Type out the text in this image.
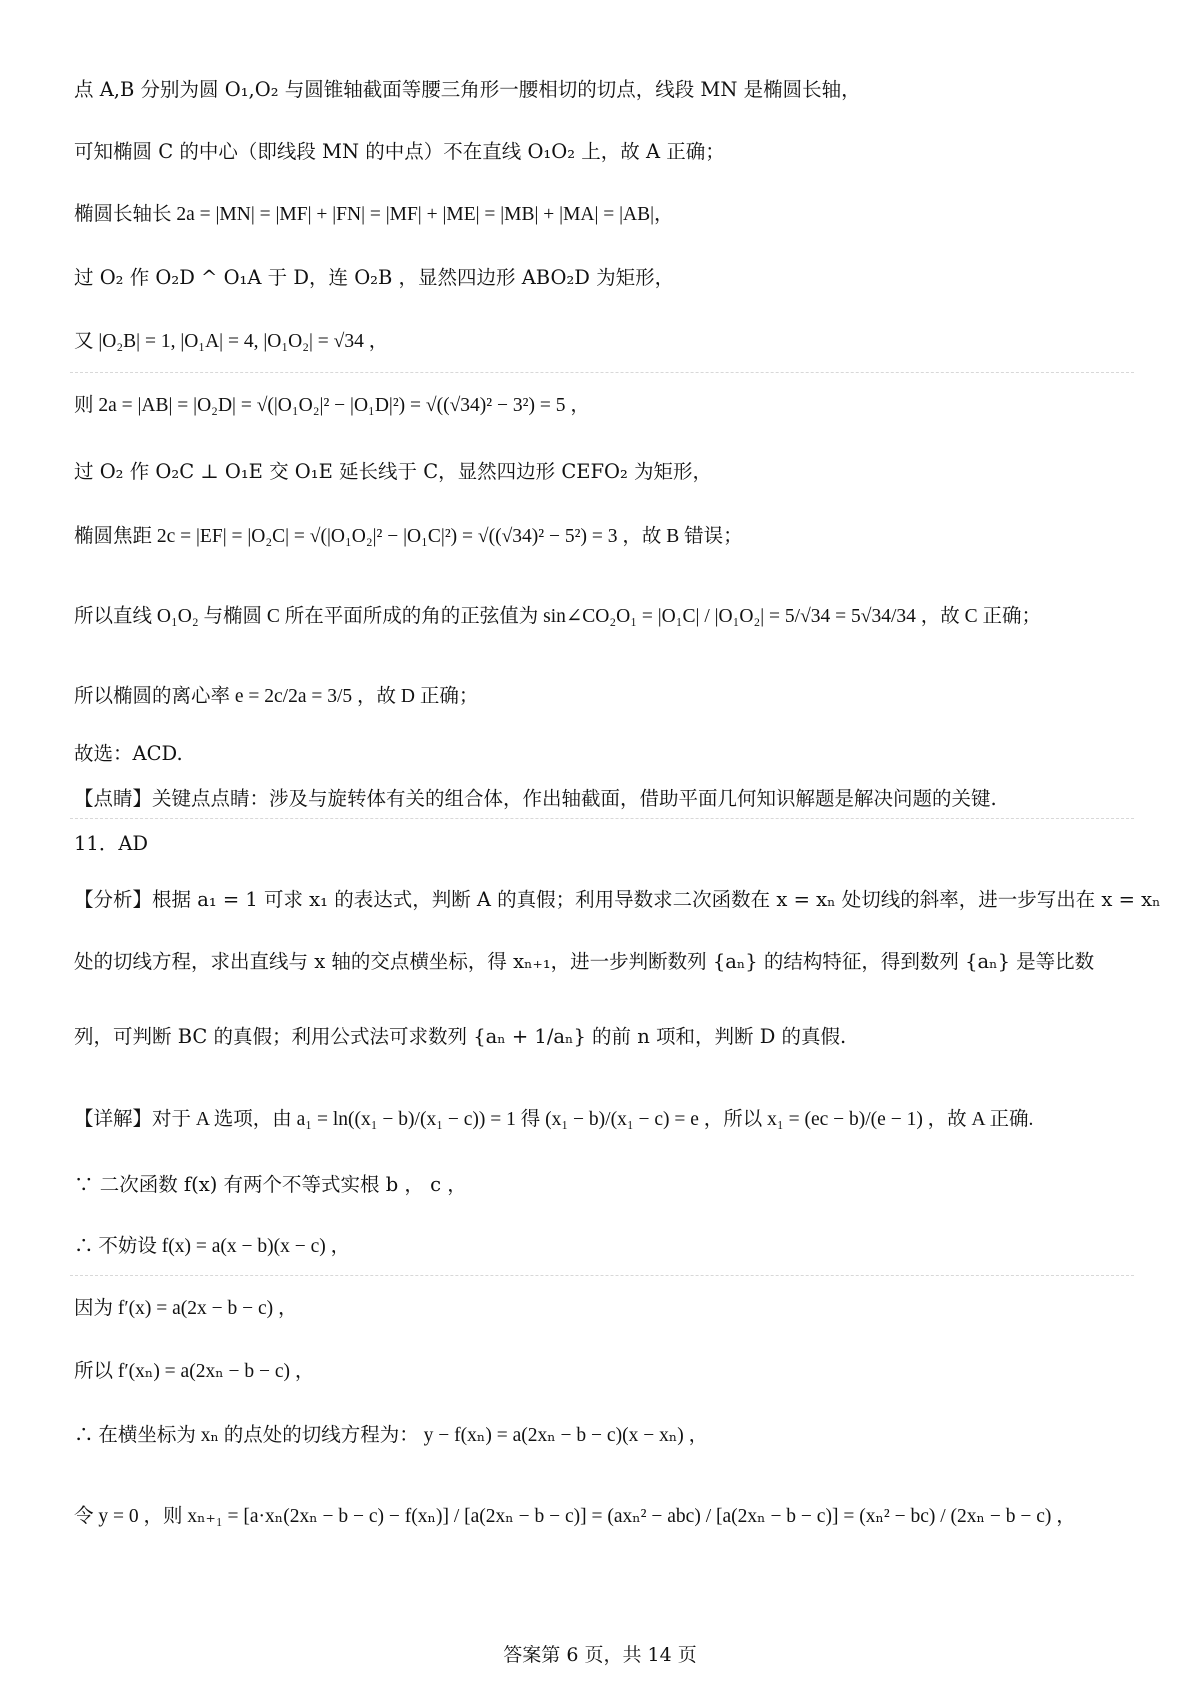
点 A,B 分别为圆 O₁,O₂ 与圆锥轴截面等腰三角形一腰相切的切点，线段 MN 是椭圆长轴，
可知椭圆 C 的中心（即线段 MN 的中点）不在直线 O₁O₂ 上，故 A 正确；
椭圆长轴长 2a = |MN| = |MF| + |FN| = |MF| + |ME| = |MB| + |MA| = |AB|，
过 O₂ 作 O₂D ^ O₁A 于 D，连 O₂B ，显然四边形 ABO₂D 为矩形，
又 |O₂B| = 1, |O₁A| = 4, |O₁O₂| = √34 ，
则 2a = |AB| = |O₂D| = √(|O₁O₂|² − |O₁D|²) = √((√34)² − 3²) = 5 ，
过 O₂ 作 O₂C ⊥ O₁E 交 O₁E 延长线于 C，显然四边形 CEFO₂ 为矩形，
椭圆焦距 2c = |EF| = |O₂C| = √(|O₁O₂|² − |O₁C|²) = √((√34)² − 5²) = 3 ，故 B 错误；
所以直线 O₁O₂ 与椭圆 C 所在平面所成的角的正弦值为 sin∠CO₂O₁ = |O₁C| / |O₁O₂| = 5/√34 = 5√34/34 ，故 C 正确；
所以椭圆的离心率 e = 2c/2a = 3/5 ，故 D 正确；
故选：ACD.
【点睛】关键点点睛：涉及与旋转体有关的组合体，作出轴截面，借助平面几何知识解题是解决问题的关键.
11．AD
【分析】根据 a₁ = 1 可求 x₁ 的表达式，判断 A 的真假；利用导数求二次函数在 x = xₙ 处切线的斜率，进一步写出在 x = xₙ
处的切线方程，求出直线与 x 轴的交点横坐标，得 xₙ₊₁，进一步判断数列 {aₙ} 的结构特征，得到数列 {aₙ} 是等比数
列，可判断 BC 的真假；利用公式法可求数列 {aₙ + 1/aₙ} 的前 n 项和，判断 D 的真假.
【详解】对于 A 选项，由 a₁ = ln((x₁ − b)/(x₁ − c)) = 1 得 (x₁ − b)/(x₁ − c) = e ，所以 x₁ = (ec − b)/(e − 1) ，故 A 正确.
∵ 二次函数 f(x) 有两个不等式实根 b ， c ，
∴ 不妨设 f(x) = a(x − b)(x − c) ，
因为 f′(x) = a(2x − b − c) ，
所以 f′(xₙ) = a(2xₙ − b − c) ，
∴ 在横坐标为 xₙ 的点处的切线方程为： y − f(xₙ) = a(2xₙ − b − c)(x − xₙ) ，
令 y = 0 ，则 xₙ₊₁ = [a·xₙ(2xₙ − b − c) − f(xₙ)] / [a(2xₙ − b − c)] = (axₙ² − abc) / [a(2xₙ − b − c)] = (xₙ² − bc) / (2xₙ − b − c) ，
答案第 6 页，共 14 页
